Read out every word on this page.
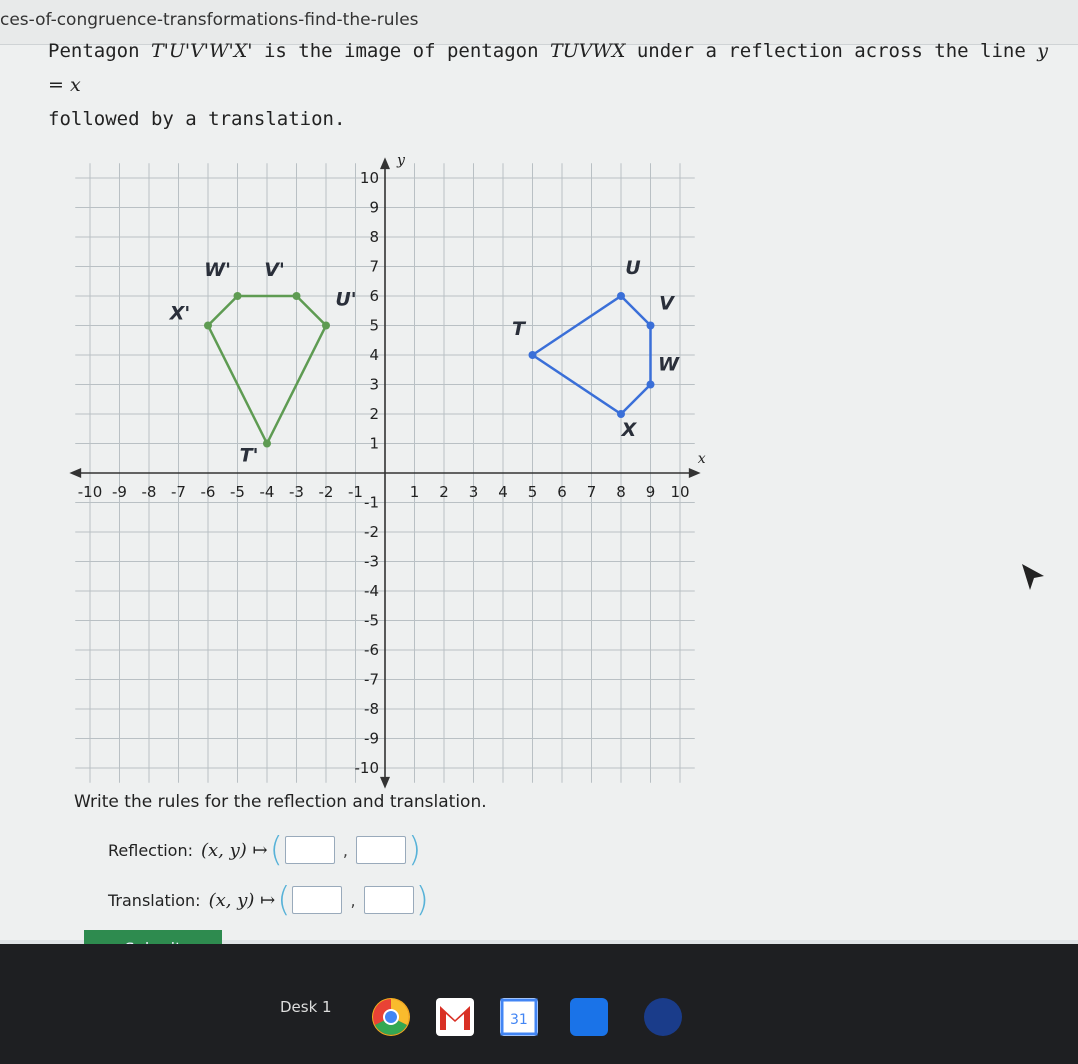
ces-of-congruence-transformations-find-the-rules
Pentagon T'U'V'W'X' is the image of pentagon TUVWX under a reflection across the line y = x
followed by a translation.
x
y
-10
-10
-9
-9
-8
-8
-7
-7
-6
-6
-5
-5
-4
-4
-3
-3
-2
-2
-1
-1
1
1
2
2
3
3
4
4
5
5
6
6
7
7
8
8
9
9
10
10
T
U
V
W
X
T'
U'
V'
W'
X'
Write the rules for the reflection and translation.
Reflection: (x, y) ↦ (	, )
Translation: (x, y) ↦ (	, )
Desk 1
31
